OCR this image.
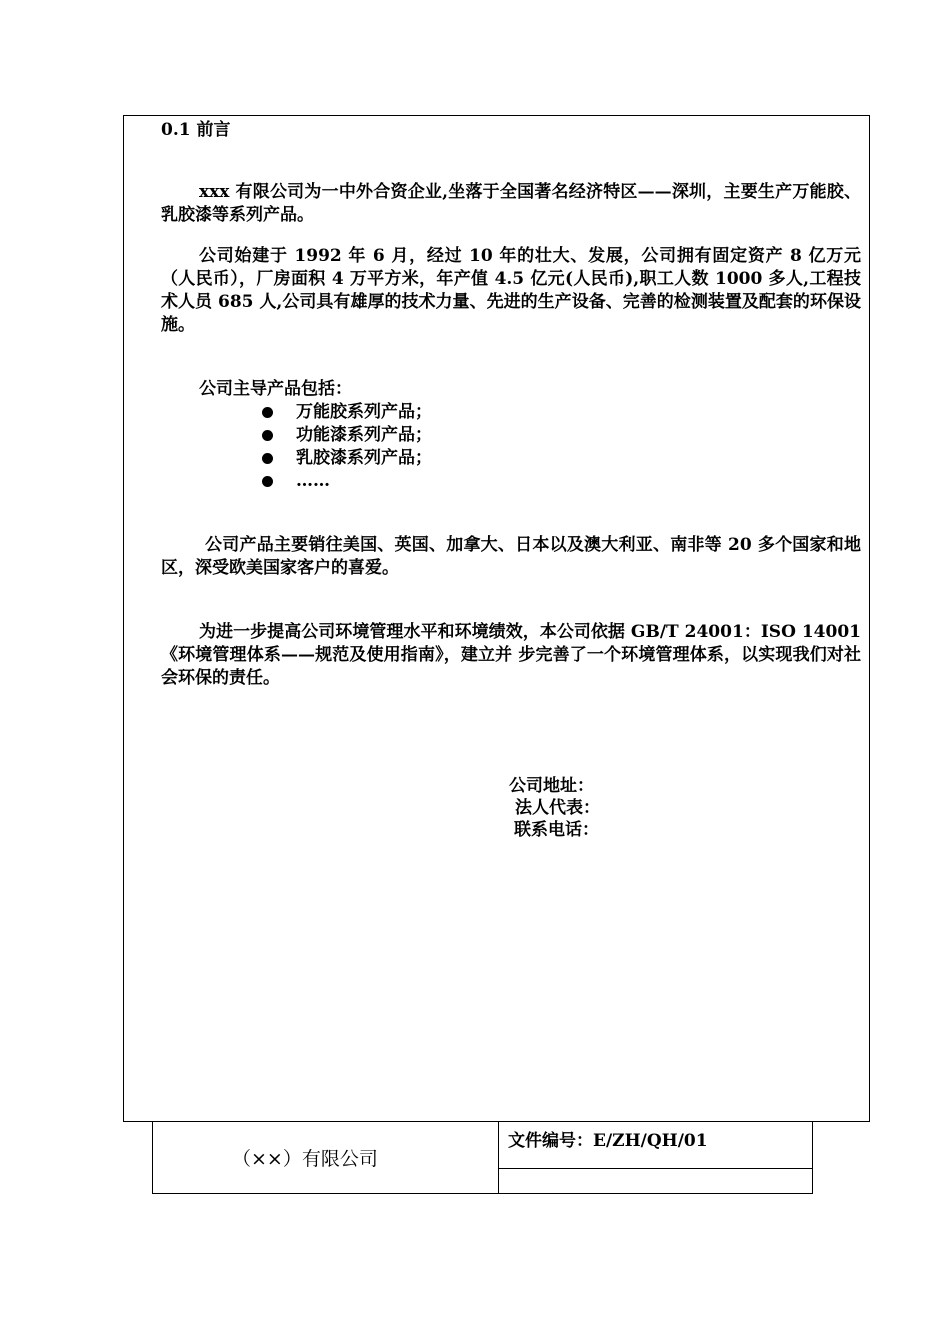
0.1 前言
xxx 有限公司为一中外合资企业,坐落于全国著名经济特区——深圳，主要生产万能胶、乳胶漆等系列产品。
公司始建于 1992 年 6 月，经过 10 年的壮大、发展，公司拥有固定资产 8 亿万元（人民币），厂房面积 4 万平方米，年产值 4.5 亿元(人民币),职工人数 1000 多人,工程技术人员 685 人,公司具有雄厚的技术力量、先进的生产设备、完善的检测装置及配套的环保设施。
公司主导产品包括：
万能胶系列产品；
功能漆系列产品；
乳胶漆系列产品；
……
公司产品主要销往美国、英国、加拿大、日本以及澳大利亚、南非等 20 多个国家和地区，深受欧美国家客户的喜爱。
为进一步提高公司环境管理水平和环境绩效，本公司依据 GB/T 24001：ISO 14001《环境管理体系——规范及使用指南》，建立并 步完善了一个环境管理体系，以实现我们对社会环保的责任。
公司地址：
法人代表：
联系电话：
（××）有限公司
文件编号：E/ZH/QH/01
